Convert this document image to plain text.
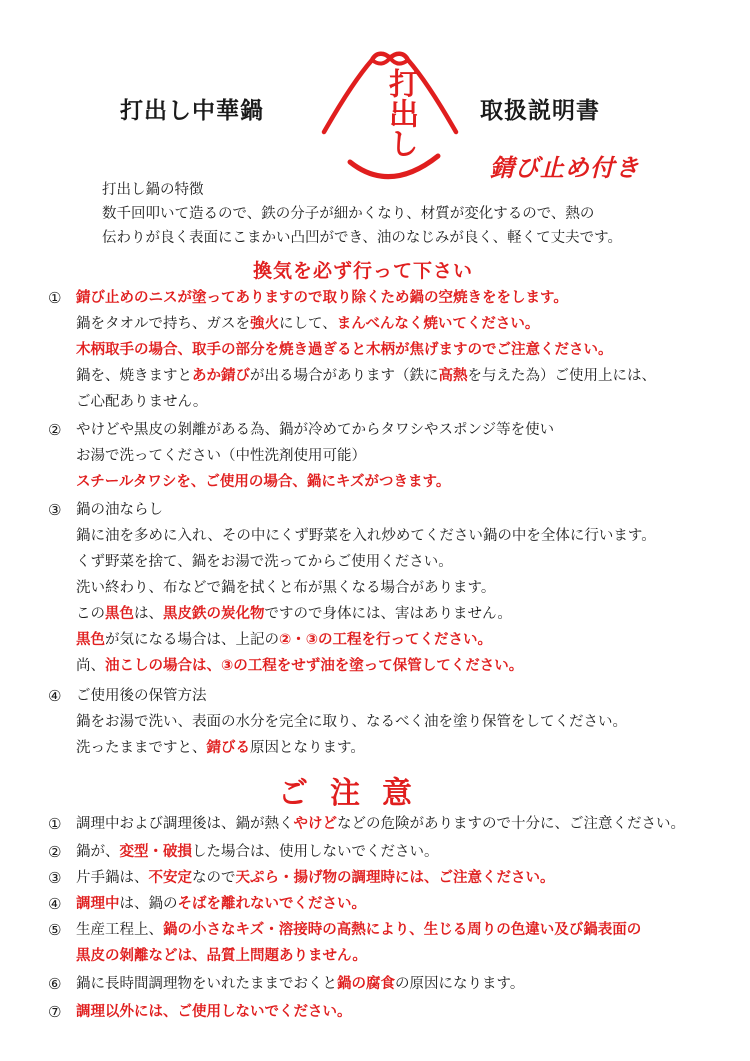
打出し中華鍋	打出し	取扱説明書
錆び止め付き
打出し鍋の特徴
数千回叩いて造るので、鉄の分子が細かくなり、材質が変化するので、熱の
伝わりが良く表面にこまかい凸凹ができ、油のなじみが良く、軽くて丈夫です。
換気を必ず行って下さい
① 錆び止めのニスが塗ってありますので取り除くため鍋の空焼きををします。
鍋をタオルで持ち、ガスを強火にして、まんべんなく焼いてください。
木柄取手の場合、取手の部分を焼き過ぎると木柄が焦げますのでご注意ください。
鍋を、焼きますとあか錆びが出る場合があります（鉄に高熱を与えた為）ご使用上には、
ご心配ありません。
② やけどや黒皮の剝離がある為、鍋が冷めてからタワシやスポンジ等を使い
お湯で洗ってください（中性洗剤使用可能）
スチールタワシを、ご使用の場合、鍋にキズがつきます。
③ 鍋の油ならし
鍋に油を多めに入れ、その中にくず野菜を入れ炒めてください鍋の中を全体に行います。
くず野菜を捨て、鍋をお湯で洗ってからご使用ください。
洗い終わり、布などで鍋を拭くと布が黒くなる場合があります。
この黒色は、黒皮鉄の炭化物ですので身体には、害はありません。
黒色が気になる場合は、上記の②・③の工程を行ってください。
尚、油こしの場合は、③の工程をせず油を塗って保管してください。
④ ご使用後の保管方法
鍋をお湯で洗い、表面の水分を完全に取り、なるべく油を塗り保管をしてください。
洗ったままですと、錆びる原因となります。
ご注意
① 調理中および調理後は、鍋が熱くやけどなどの危険がありますので十分に、ご注意ください。
② 鍋が、変型・破損した場合は、使用しないでください。
③ 片手鍋は、不安定なので天ぷら・揚げ物の調理時には、ご注意ください。
④ 調理中は、鍋のそばを離れないでください。
⑤ 生産工程上、鍋の小さなキズ・溶接時の高熱により、生じる周りの色違い及び鍋表面の
黒皮の剝離などは、品質上問題ありません。
⑥ 鍋に長時間調理物をいれたままでおくと鍋の腐食の原因になります。
⑦ 調理以外には、ご使用しないでください。
